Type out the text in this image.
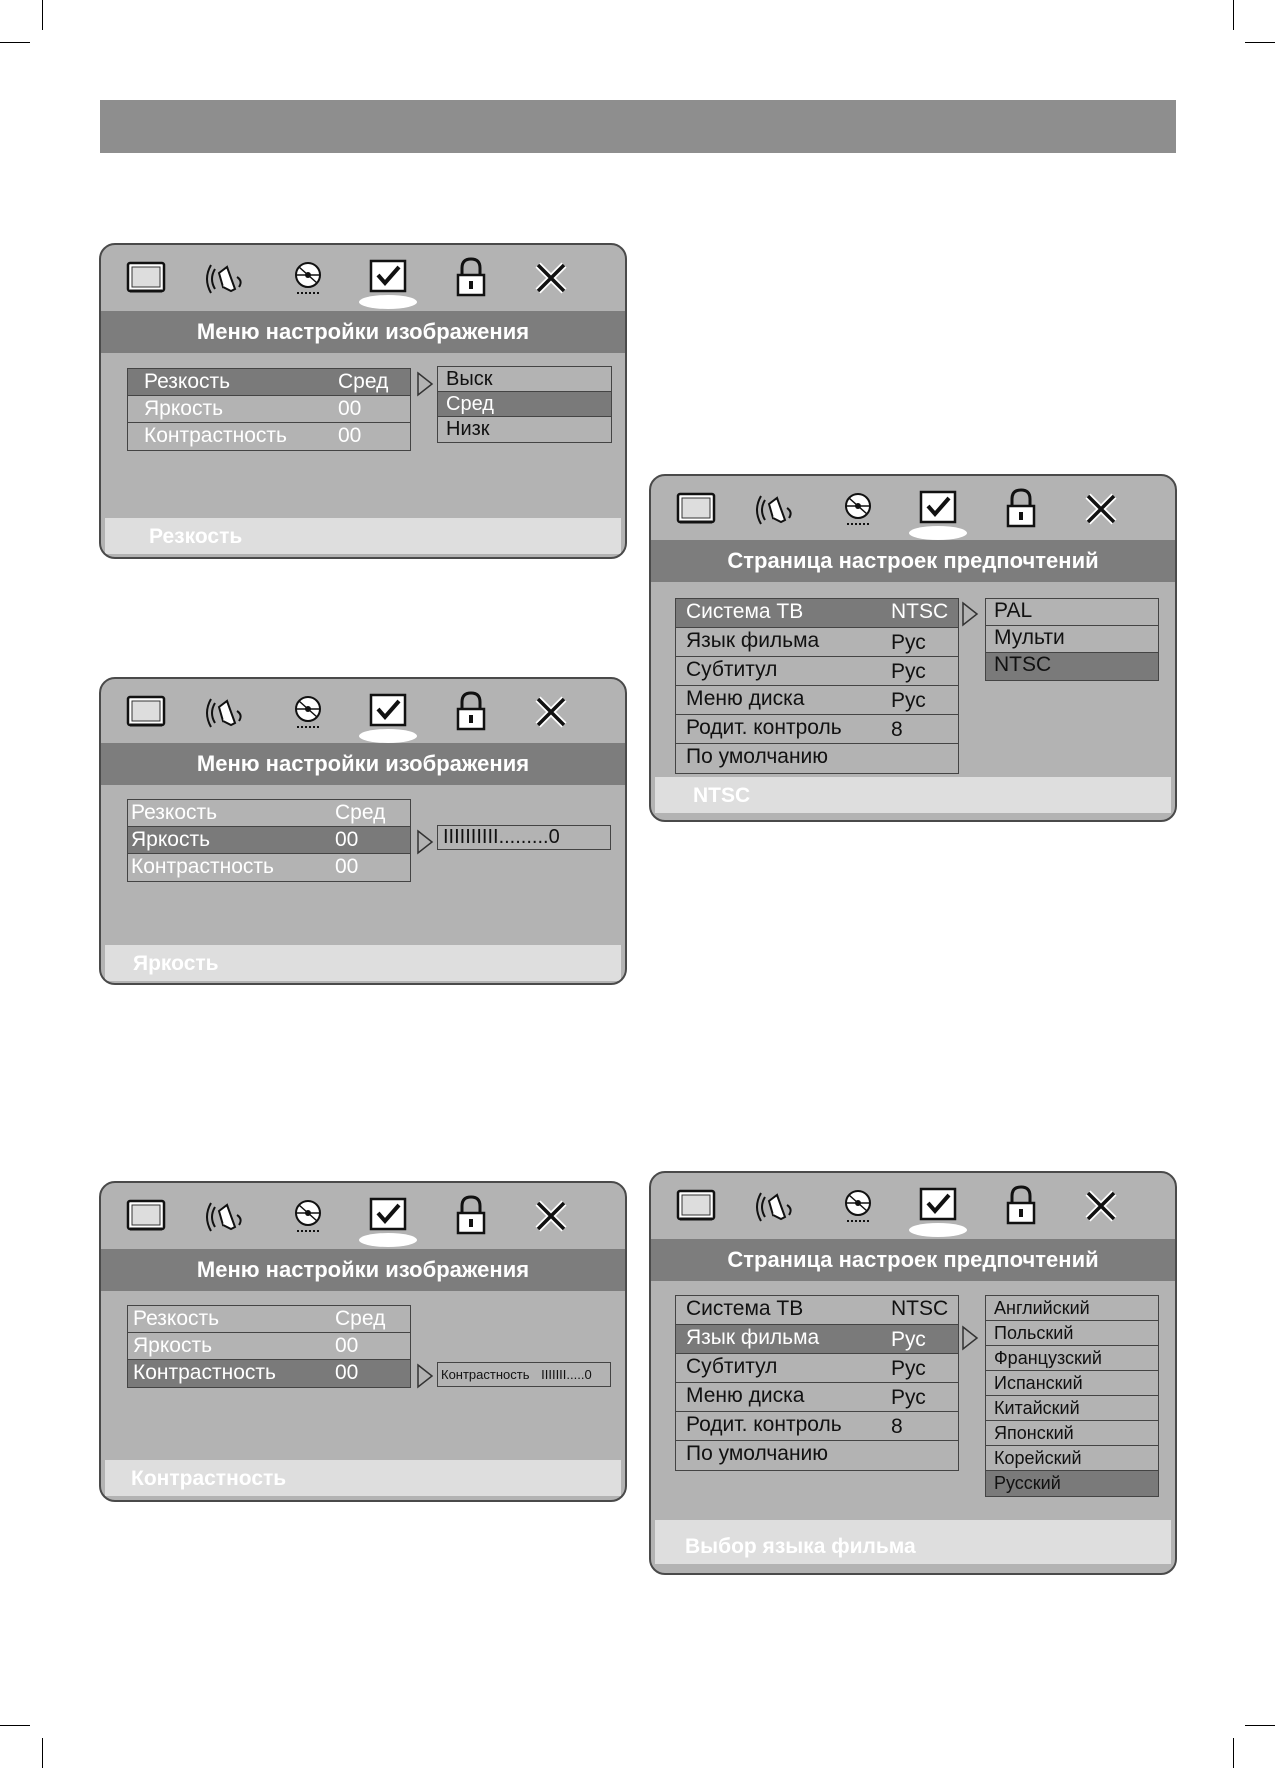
Меню настройки изображения
Резкость	Сред
Яркость	00
Контрастность 00
Выск
Сред
Низк
Резкость
Меню настройки изображения
Резкость	Сред
Яркость	00
Контрастность	00
IIIIIIIIII.........0
Яркость
Меню настройки изображения
Резкость	Сред
Яркость	00
Контрастность	00	Контрастность IIIIIII.....0
Контрастность
Страница настроек предпочтений
Система ТВ	NTSC
Язык фильма	Рус
Субтитул	Рус
Меню диска	Рус
Родит. контроль 8
По умолчанию
PAL
Мульти
NTSC
NTSC
Страница настроек предпочтений
Система ТВ	NTSC
Язык фильма	Рус
Субтитул	Рус
Меню диска	Рус
Родит. контроль 8
По умолчанию
Английский
Польский
Французский
Испанский
Китайский
Японский
Корейский
Русский
Выбор языка фильма
